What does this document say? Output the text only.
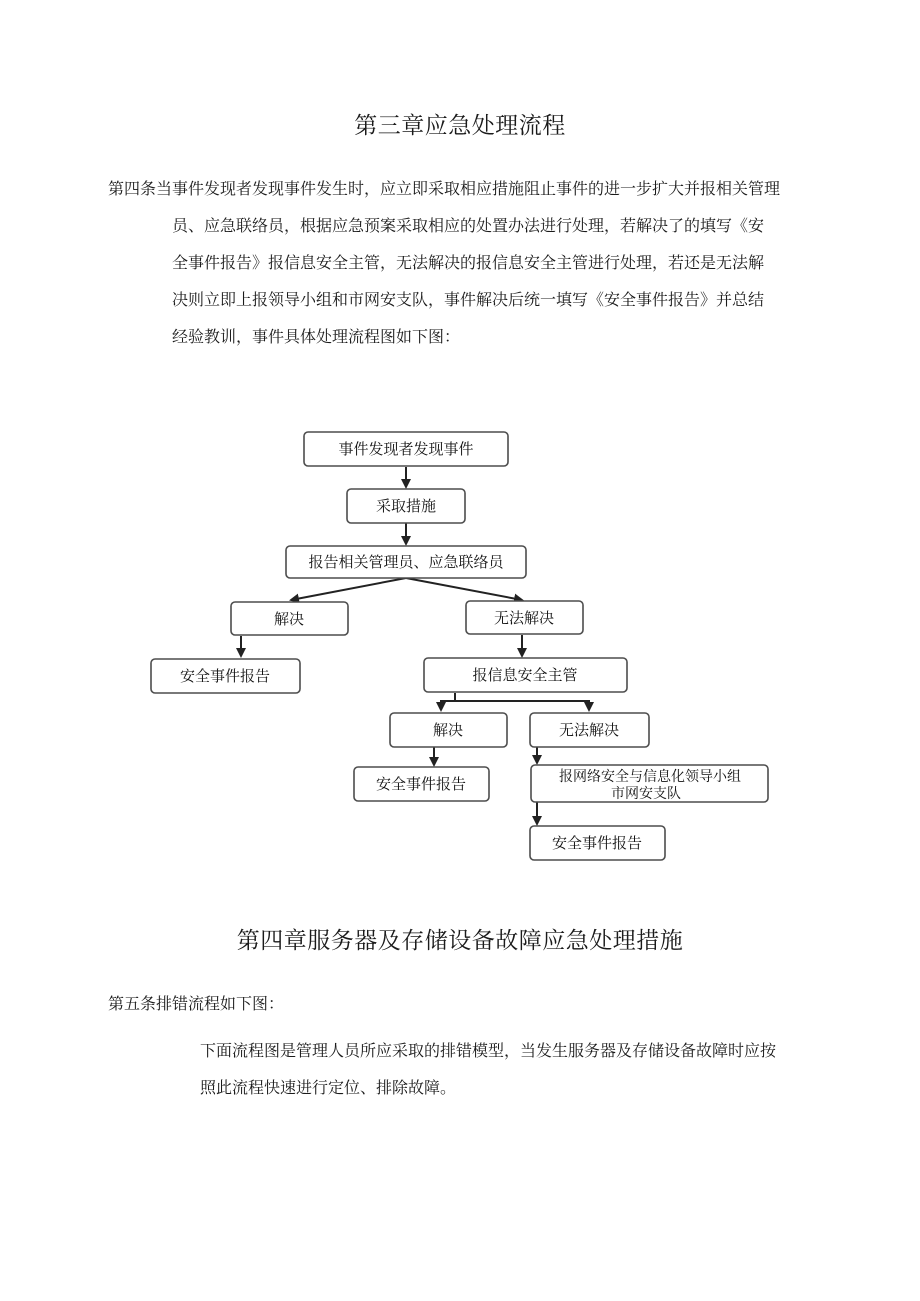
第三章应急处理流程
第四条当事件发现者发现事件发生时，应立即采取相应措施阻止事件的进一步扩大并报相关管理
员、应急联络员，根据应急预案采取相应的处置办法进行处理，若解决了的填写《安
全事件报告》报信息安全主管，无法解决的报信息安全主管进行处理，若还是无法解
决则立即上报领导小组和市网安支队，事件解决后统一填写《安全事件报告》并总结
经验教训，事件具体处理流程图如下图：
事件发现者发现事件
采取措施
报告相关管理员、应急联络员
解决	无法解决
安全事件报告	报信息安全主管
解决	无法解决
安全事件报告	报网络安全与信息化领导小组
市网安支队
安全事件报告
第四章服务器及存储设备故障应急处理措施
第五条排错流程如下图：
下面流程图是管理人员所应采取的排错模型，当发生服务器及存储设备故障时应按
照此流程快速进行定位、排除故障。
